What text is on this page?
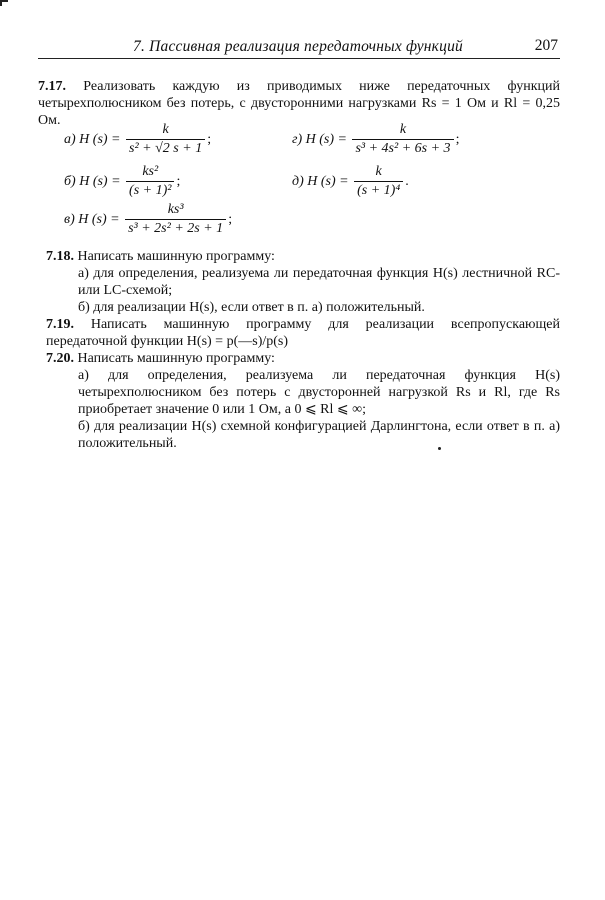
7. Пассивная реализация передаточных функций	207
7.17. Реализовать каждую из приводимых ниже передаточных функций четырехполюсником без потерь, с двусторонними нагрузками Rs = 1 Ом и Rl = 0,25 Ом.
а) H $(s) = \frac{k}{\text{s² + √2 s + 1}}$ ;	г) H $(s) = \frac{k}{\text{s³ + 4s² + 6s + 3}}$ ;
б) H $(s) = \frac{\text{ks²}}{\text{(s + 1)²}}$ ;	д) H $(s) = \frac{k}{\text{(s + 1)⁴}}$ .
в) H $(s) = \frac{\text{ks³}}{\text{s³ + 2s² + 2s + 1}}$ ;
7.18. Написать машинную программу:
а) для определения, реализуема ли передаточная функция H(s) лестничной RC- или LC-схемой;
б) для реализации H(s), если ответ в п. а) положительный.
7.19. Написать машинную программу для реализации всепропускающей передаточной функции H(s) = p(—s)/p(s)
7.20. Написать машинную программу:
а) для определения, реализуема ли передаточная функция H(s) четырехполюсником без потерь с двусторонней нагрузкой Rs и Rl, где Rs приобретает значение 0 или 1 Ом, а 0 ⩽ Rl ⩽ ∞;
б) для реализации H(s) схемной конфигурацией Дарлингтона, если ответ в п. а) положительный.
